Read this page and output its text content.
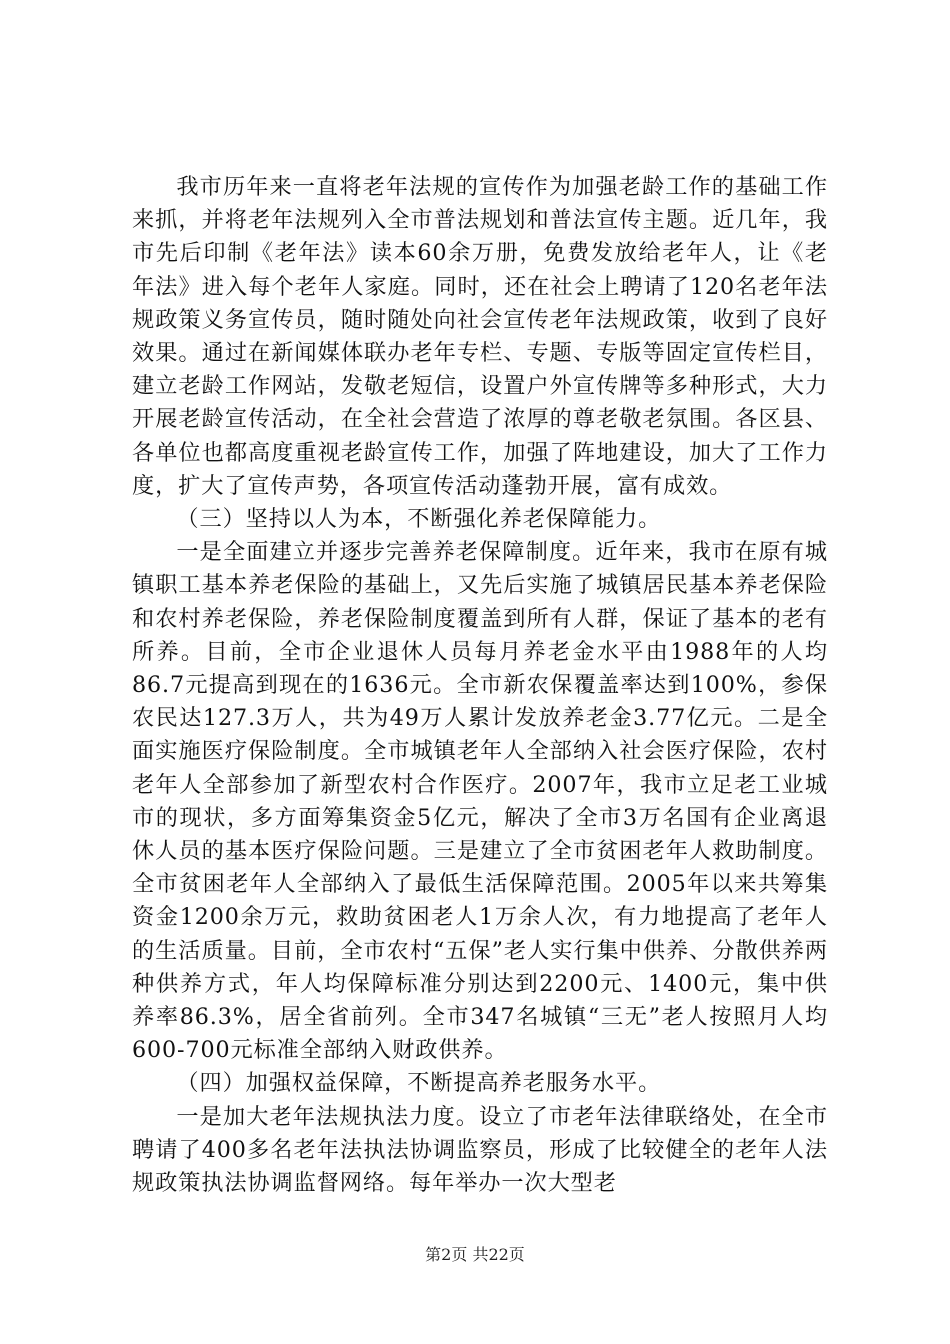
我市历年来一直将老年法规的宣传作为加强老龄工作的基础工作来抓，并将老年法规列入全市普法规划和普法宣传主题。近几年，我市先后印制《老年法》读本60余万册，免费发放给老年人，让《老年法》进入每个老年人家庭。同时，还在社会上聘请了120名老年法规政策义务宣传员，随时随处向社会宣传老年法规政策，收到了良好效果。通过在新闻媒体联办老年专栏、专题、专版等固定宣传栏目，建立老龄工作网站，发敬老短信，设置户外宣传牌等多种形式，大力开展老龄宣传活动，在全社会营造了浓厚的尊老敬老氛围。各区县、各单位也都高度重视老龄宣传工作，加强了阵地建设，加大了工作力度，扩大了宣传声势，各项宣传活动蓬勃开展，富有成效。

（三）坚持以人为本，不断强化养老保障能力。

一是全面建立并逐步完善养老保障制度。近年来，我市在原有城镇职工基本养老保险的基础上，又先后实施了城镇居民基本养老保险和农村养老保险，养老保险制度覆盖到所有人群，保证了基本的老有所养。目前，全市企业退休人员每月养老金水平由1988年的人均86.7元提高到现在的1636元。全市新农保覆盖率达到100%，参保农民达127.3万人，共为49万人累计发放养老金3.77亿元。二是全面实施医疗保险制度。全市城镇老年人全部纳入社会医疗保险，农村老年人全部参加了新型农村合作医疗。2007年，我市立足老工业城市的现状，多方面筹集资金5亿元，解决了全市3万名国有企业离退休人员的基本医疗保险问题。三是建立了全市贫困老年人救助制度。全市贫困老年人全部纳入了最低生活保障范围。2005年以来共筹集资金1200余万元，救助贫困老人1万余人次，有力地提高了老年人的生活质量。目前，全市农村“五保”老人实行集中供养、分散供养两种供养方式，年人均保障标准分别达到2200元、1400元，集中供养率86.3%，居全省前列。全市347名城镇“三无”老人按照月人均600-700元标准全部纳入财政供养。

（四）加强权益保障，不断提高养老服务水平。

一是加大老年法规执法力度。设立了市老年法律联络处，在全市聘请了400多名老年法执法协调监察员，形成了比较健全的老年人法规政策执法协调监督网络。每年举办一次大型老

第2页 共22页
